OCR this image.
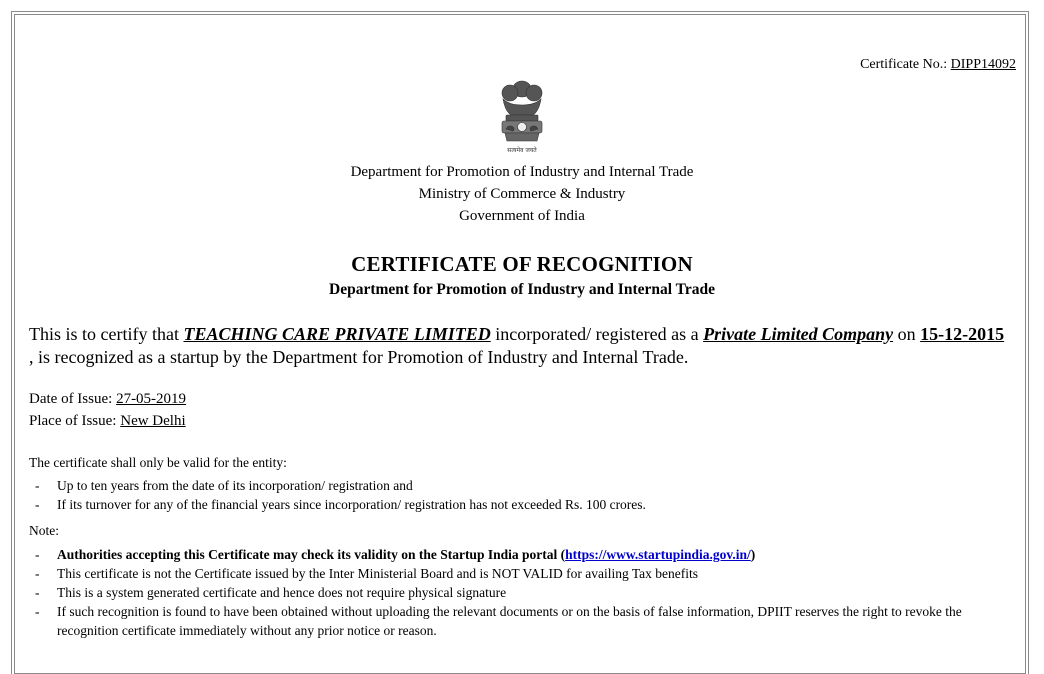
Certificate No.: DIPP14092
सत्यमेव जयते
Department for Promotion of Industry and Internal Trade
Ministry of Commerce & Industry
Government of India
CERTIFICATE OF RECOGNITION
Department for Promotion of Industry and Internal Trade
This is to certify that TEACHING CARE PRIVATE LIMITED incorporated/ registered as a Private Limited Company on 15-12-2015
, is recognized as a startup by the Department for Promotion of Industry and Internal Trade.
Date of Issue: 27-05-2019
Place of Issue: New Delhi
The certificate shall only be valid for the entity:
- Up to ten years from the date of its incorporation/ registration and
- If its turnover for any of the financial years since incorporation/ registration has not exceeded Rs. 100 crores.
Note:
- Authorities accepting this Certificate may check its validity on the Startup India portal (https://www.startupindia.gov.in/)
- This certificate is not the Certificate issued by the Inter Ministerial Board and is NOT VALID for availing Tax benefits
- This is a system generated certificate and hence does not require physical signature
- If such recognition is found to have been obtained without uploading the relevant documents or on the basis of false information, DPIIT reserves the right to revoke the recognition certificate immediately without any prior notice or reason.
